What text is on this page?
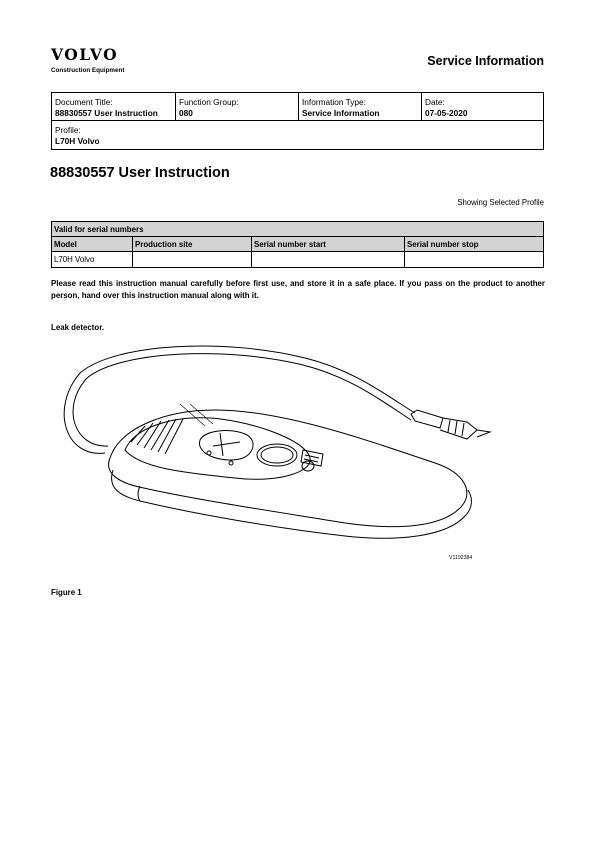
VOLVO
Construction Equipment
Service Information
Document Title:
88830557 User Instruction
Function Group:
080
Information Type:
Service Information
Date:
07-05-2020
Profile:
L70H Volvo
88830557 User Instruction
Showing Selected Profile
Valid for serial numbers			
Model	Production site	Serial number start	Serial number stop
L70H Volvo			
Please read this instruction manual carefully before first use, and store it in a safe place. If you pass on the product to another person, hand over this instruction manual along with it.
Leak detector.
V1192384
Figure 1
